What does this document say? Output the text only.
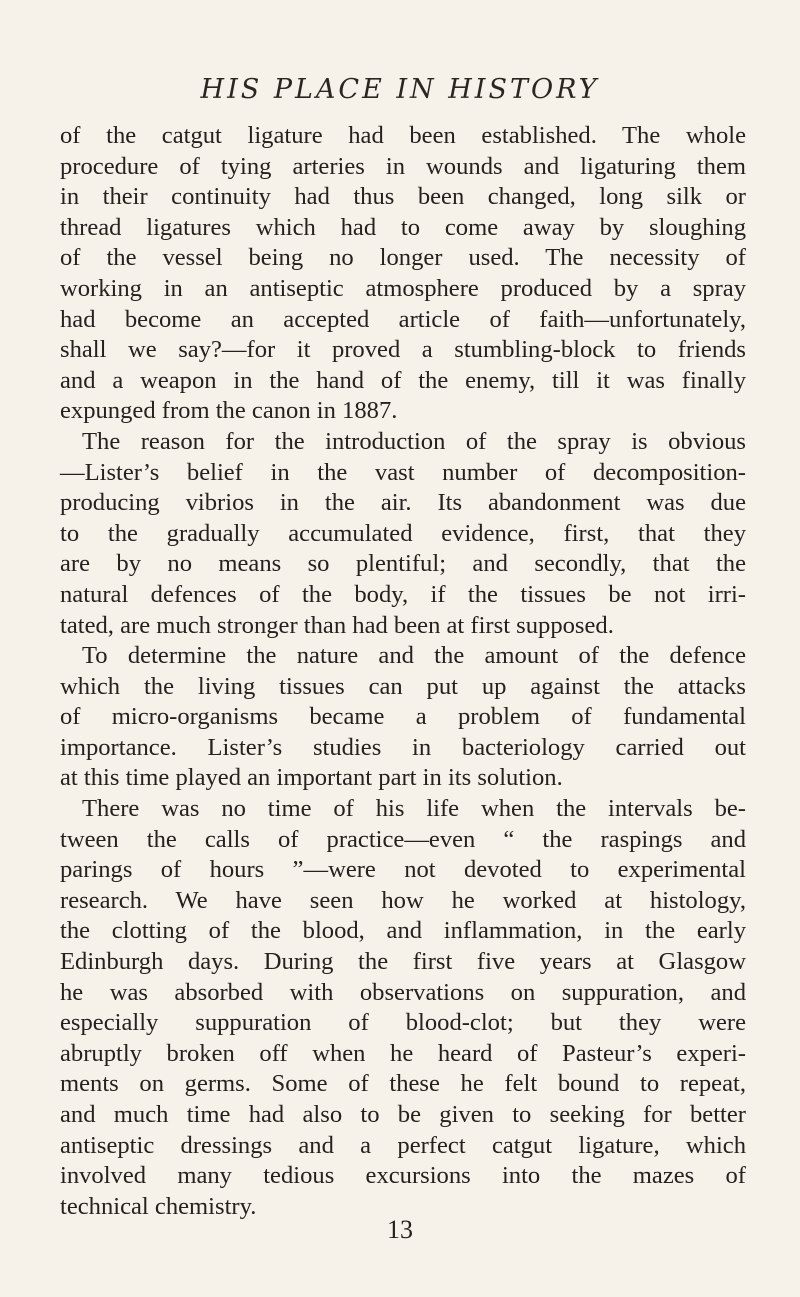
HIS PLACE IN HISTORY
of the catgut ligature had been established. The whole
procedure of tying arteries in wounds and ligaturing them
in their continuity had thus been changed, long silk or
thread ligatures which had to come away by sloughing
of the vessel being no longer used. The necessity of
working in an antiseptic atmosphere produced by a spray
had become an accepted article of faith—unfortunately,
shall we say?—for it proved a stumbling-block to friends
and a weapon in the hand of the enemy, till it was finally
expunged from the canon in 1887.
The reason for the introduction of the spray is obvious
—Lister’s belief in the vast number of decomposition-
producing vibrios in the air. Its abandonment was due
to the gradually accumulated evidence, first, that they
are by no means so plentiful; and secondly, that the
natural defences of the body, if the tissues be not irri-
tated, are much stronger than had been at first supposed.
To determine the nature and the amount of the defence
which the living tissues can put up against the attacks
of micro-organisms became a problem of fundamental
importance. Lister’s studies in bacteriology carried out
at this time played an important part in its solution.
There was no time of his life when the intervals be-
tween the calls of practice—even “ the raspings and
parings of hours ”—were not devoted to experimental
research. We have seen how he worked at histology,
the clotting of the blood, and inflammation, in the early
Edinburgh days. During the first five years at Glasgow
he was absorbed with observations on suppuration, and
especially suppuration of blood-clot; but they were
abruptly broken off when he heard of Pasteur’s experi-
ments on germs. Some of these he felt bound to repeat,
and much time had also to be given to seeking for better
antiseptic dressings and a perfect catgut ligature, which
involved many tedious excursions into the mazes of
technical chemistry.
13
